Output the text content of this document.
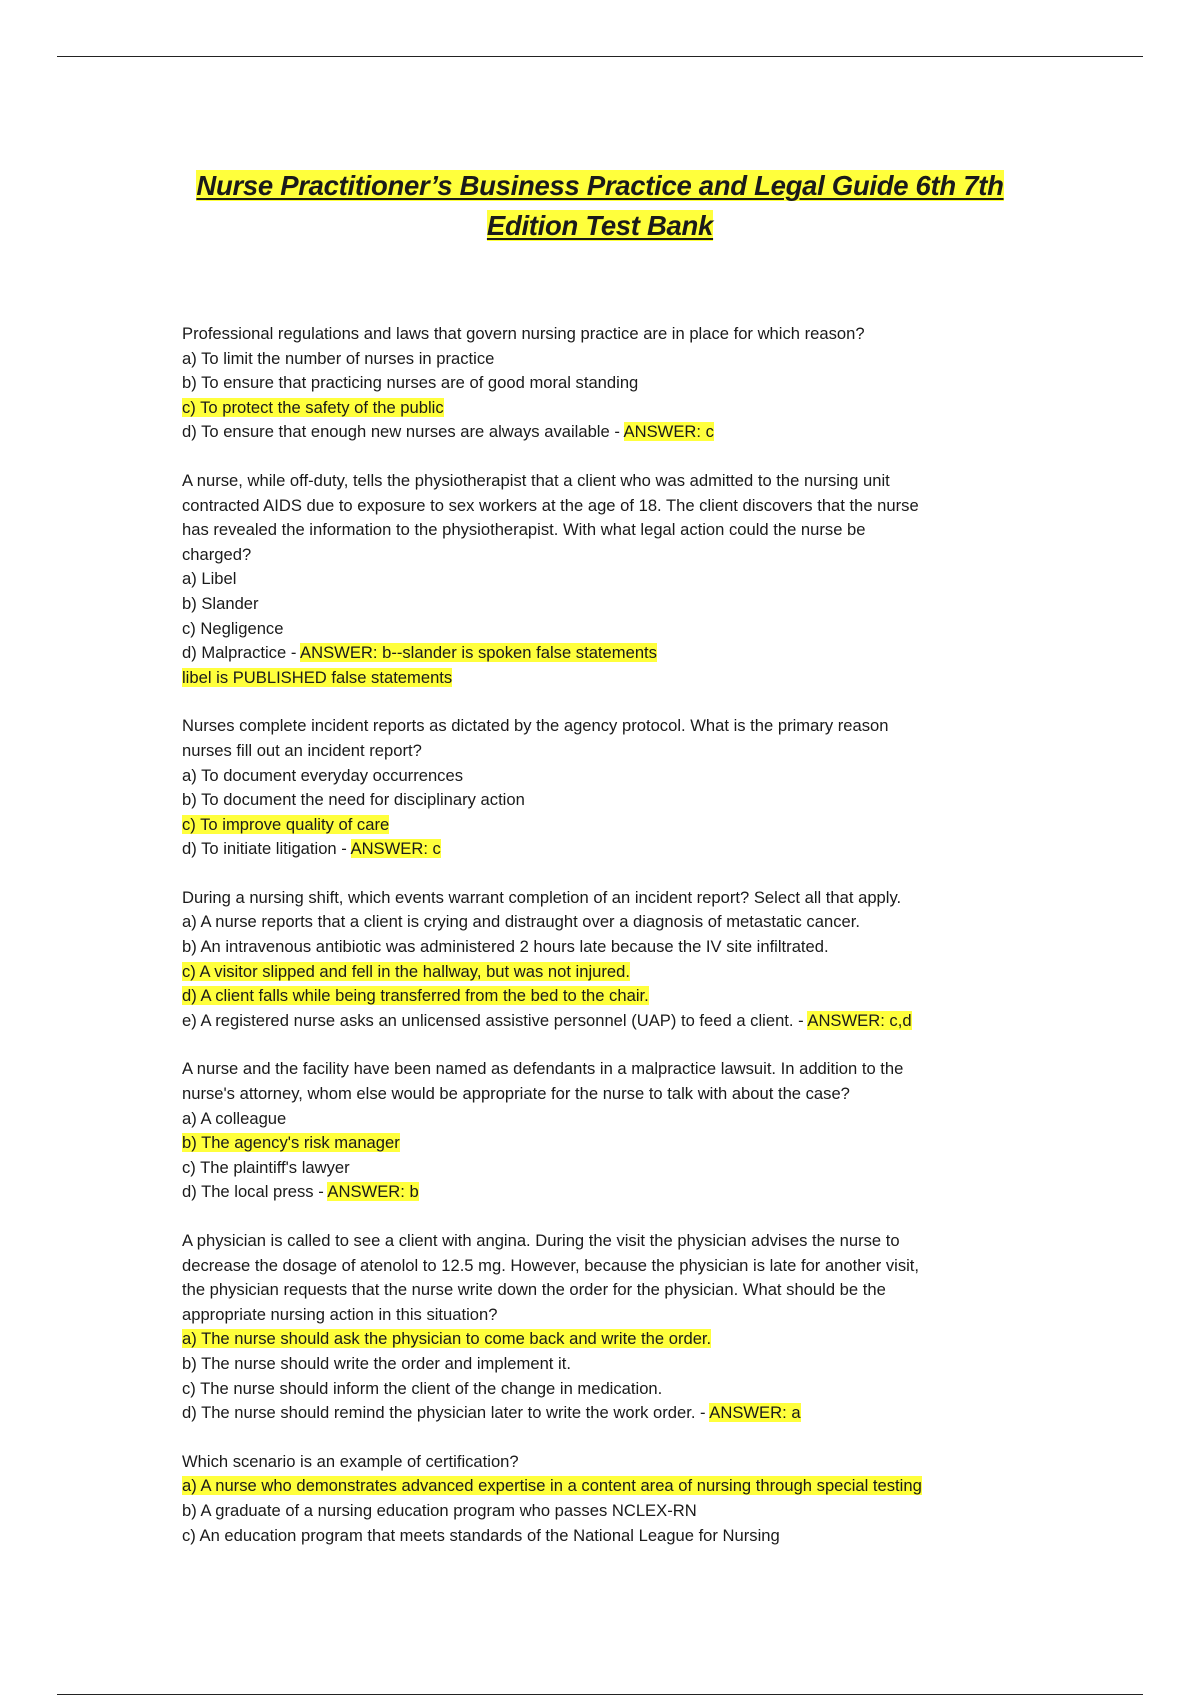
Nurse Practitioner’s Business Practice and Legal Guide 6th 7th
Edition Test Bank
Professional regulations and laws that govern nursing practice are in place for which reason?
a) To limit the number of nurses in practice
b) To ensure that practicing nurses are of good moral standing
c) To protect the safety of the public
d) To ensure that enough new nurses are always available - ANSWER: c
A nurse, while off-duty, tells the physiotherapist that a client who was admitted to the nursing unit
contracted AIDS due to exposure to sex workers at the age of 18. The client discovers that the nurse
has revealed the information to the physiotherapist. With what legal action could the nurse be
charged?
a) Libel
b) Slander
c) Negligence
d) Malpractice - ANSWER: b--slander is spoken false statements
libel is PUBLISHED false statements
Nurses complete incident reports as dictated by the agency protocol. What is the primary reason
nurses fill out an incident report?
a) To document everyday occurrences
b) To document the need for disciplinary action
c) To improve quality of care
d) To initiate litigation - ANSWER: c
During a nursing shift, which events warrant completion of an incident report? Select all that apply.
a) A nurse reports that a client is crying and distraught over a diagnosis of metastatic cancer.
b) An intravenous antibiotic was administered 2 hours late because the IV site infiltrated.
c) A visitor slipped and fell in the hallway, but was not injured.
d) A client falls while being transferred from the bed to the chair.
e) A registered nurse asks an unlicensed assistive personnel (UAP) to feed a client. - ANSWER: c,d
A nurse and the facility have been named as defendants in a malpractice lawsuit. In addition to the
nurse's attorney, whom else would be appropriate for the nurse to talk with about the case?
a) A colleague
b) The agency's risk manager
c) The plaintiff's lawyer
d) The local press - ANSWER: b
A physician is called to see a client with angina. During the visit the physician advises the nurse to
decrease the dosage of atenolol to 12.5 mg. However, because the physician is late for another visit,
the physician requests that the nurse write down the order for the physician. What should be the
appropriate nursing action in this situation?
a) The nurse should ask the physician to come back and write the order.
b) The nurse should write the order and implement it.
c) The nurse should inform the client of the change in medication.
d) The nurse should remind the physician later to write the work order. - ANSWER: a
Which scenario is an example of certification?
a) A nurse who demonstrates advanced expertise in a content area of nursing through special testing
b) A graduate of a nursing education program who passes NCLEX-RN
c) An education program that meets standards of the National League for Nursing
